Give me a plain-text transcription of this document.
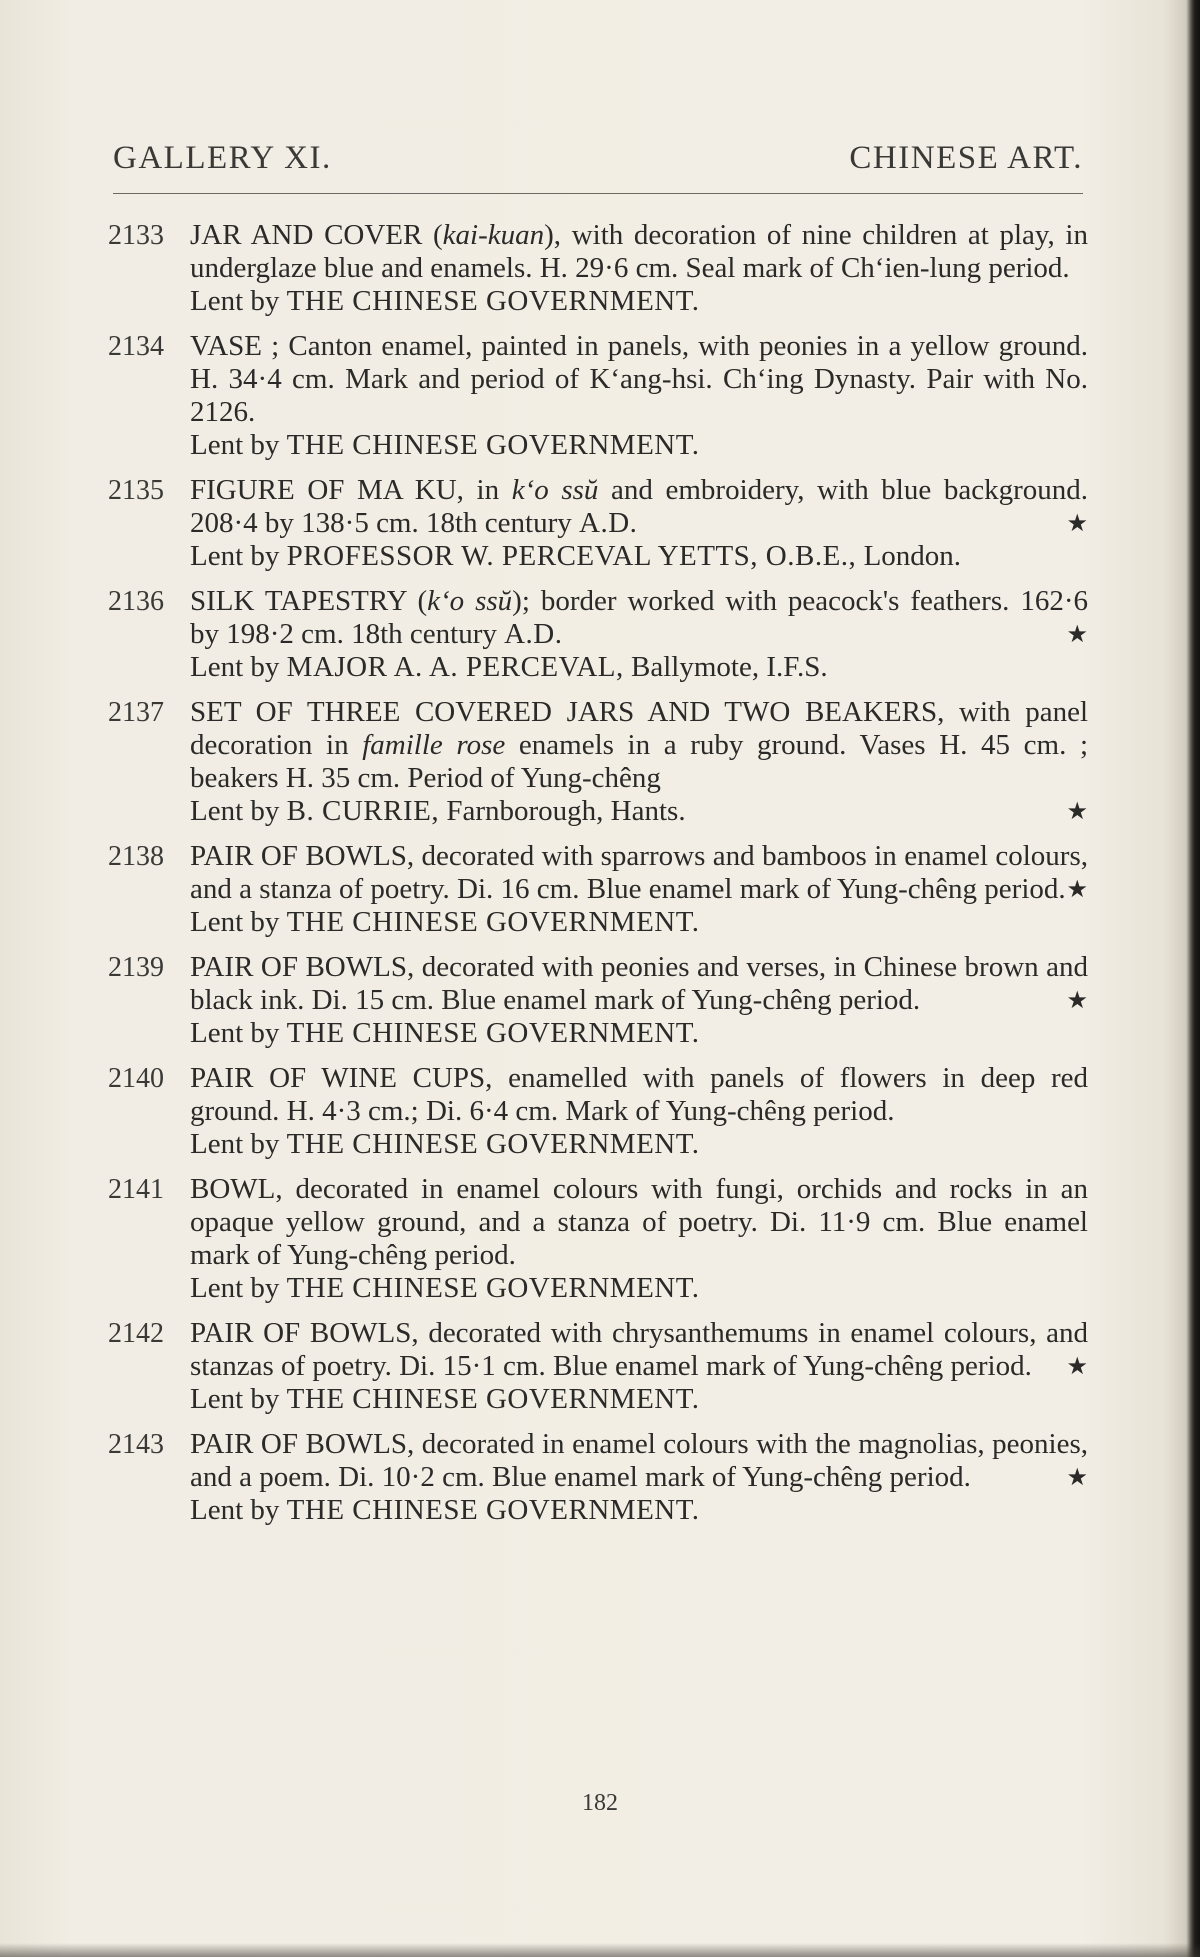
GALLERY XI.	CHINESE ART.
2133 JAR AND COVER (kai-kuan), with decoration of nine children at play, in underglaze blue and enamels. H. 29·6 cm. Seal mark of Ch‘ien-lung period.
Lent by THE CHINESE GOVERNMENT.
2134 VASE ; Canton enamel, painted in panels, with peonies in a yellow ground. H. 34·4 cm. Mark and period of K‘ang-hsi. Ch‘ing Dynasty. Pair with No. 2126.
Lent by THE CHINESE GOVERNMENT.
2135 FIGURE OF MA KU, in k‘o ssŭ and embroidery, with blue background. 208·4 by 138·5 cm. 18th century A.D.	★
Lent by PROFESSOR W. PERCEVAL YETTS, O.B.E., London.
2136 SILK TAPESTRY (k‘o ssŭ); border worked with peacock's feathers. 162·6 by 198·2 cm. 18th century A.D.	★
Lent by MAJOR A. A. PERCEVAL, Ballymote, I.F.S.
2137 SET OF THREE COVERED JARS AND TWO BEAKERS, with panel decoration in famille rose enamels in a ruby ground. Vases H. 45 cm. ; beakers H. 35 cm. Period of Yung-chêng
Lent by B. CURRIE, Farnborough, Hants.	★
2138 PAIR OF BOWLS, decorated with sparrows and bamboos in enamel colours, and a stanza of poetry. Di. 16 cm. Blue enamel mark of Yung-chêng period. ★
Lent by THE CHINESE GOVERNMENT.
2139 PAIR OF BOWLS, decorated with peonies and verses, in Chinese brown and black ink. Di. 15 cm. Blue enamel mark of Yung-chêng period.	★
Lent by THE CHINESE GOVERNMENT.
2140 PAIR OF WINE CUPS, enamelled with panels of flowers in deep red ground. H. 4·3 cm.; Di. 6·4 cm. Mark of Yung-chêng period.
Lent by THE CHINESE GOVERNMENT.
2141 BOWL, decorated in enamel colours with fungi, orchids and rocks in an opaque yellow ground, and a stanza of poetry. Di. 11·9 cm. Blue enamel mark of Yung-chêng period.
Lent by THE CHINESE GOVERNMENT.
2142 PAIR OF BOWLS, decorated with chrysanthemums in enamel colours, and stanzas of poetry. Di. 15·1 cm. Blue enamel mark of Yung-chêng period. ★
Lent by THE CHINESE GOVERNMENT.
2143 PAIR OF BOWLS, decorated in enamel colours with the magnolias, peonies, and a poem. Di. 10·2 cm. Blue enamel mark of Yung-chêng period.	★
Lent by THE CHINESE GOVERNMENT.
182
